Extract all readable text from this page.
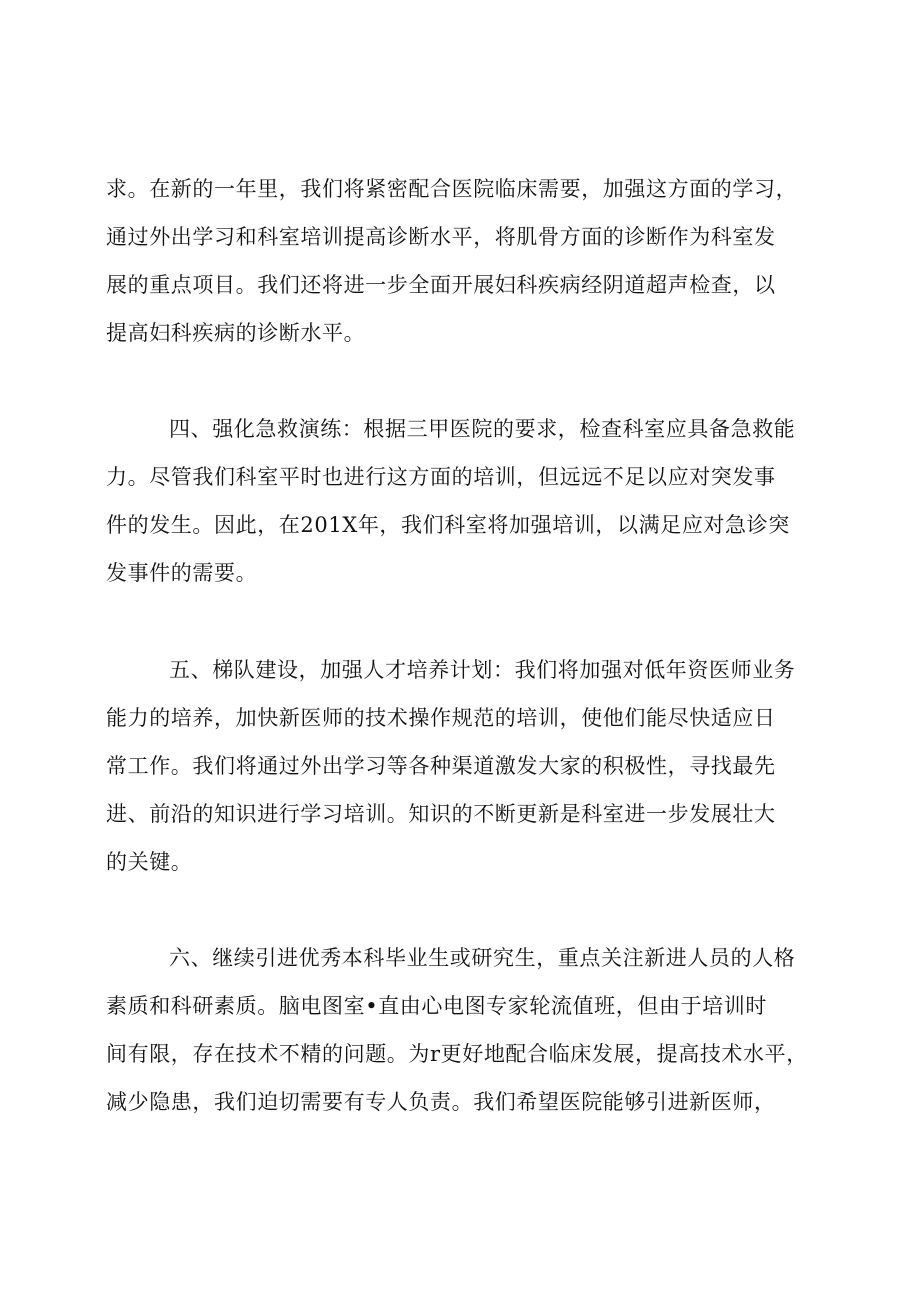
求。在新的一年里，我们将紧密配合医院临床需要，加强这方面的学习，
通过外出学习和科室培训提高诊断水平，将肌骨方面的诊断作为科室发
展的重点项目。我们还将进一步全面开展妇科疾病经阴道超声检查，以
提高妇科疾病的诊断水平。
四、强化急救演练：根据三甲医院的要求，检查科室应具备急救能
力。尽管我们科室平时也进行这方面的培训，但远远不足以应对突发事
件的发生。因此，在201X年，我们科室将加强培训，以满足应对急诊突
发事件的需要。
五、梯队建设，加强人才培养计划：我们将加强对低年资医师业务
能力的培养，加快新医师的技术操作规范的培训，使他们能尽快适应日
常工作。我们将通过外出学习等各种渠道激发大家的积极性，寻找最先
进、前沿的知识进行学习培训。知识的不断更新是科室进一步发展壮大
的关键。
六、继续引进优秀本科毕业生或研究生，重点关注新进人员的人格
素质和科研素质。脑电图室•直由心电图专家轮流值班，但由于培训时
间有限，存在技术不精的问题。为r更好地配合临床发展，提高技术水平，
减少隐患，我们迫切需要有专人负责。我们希望医院能够引进新医师，
